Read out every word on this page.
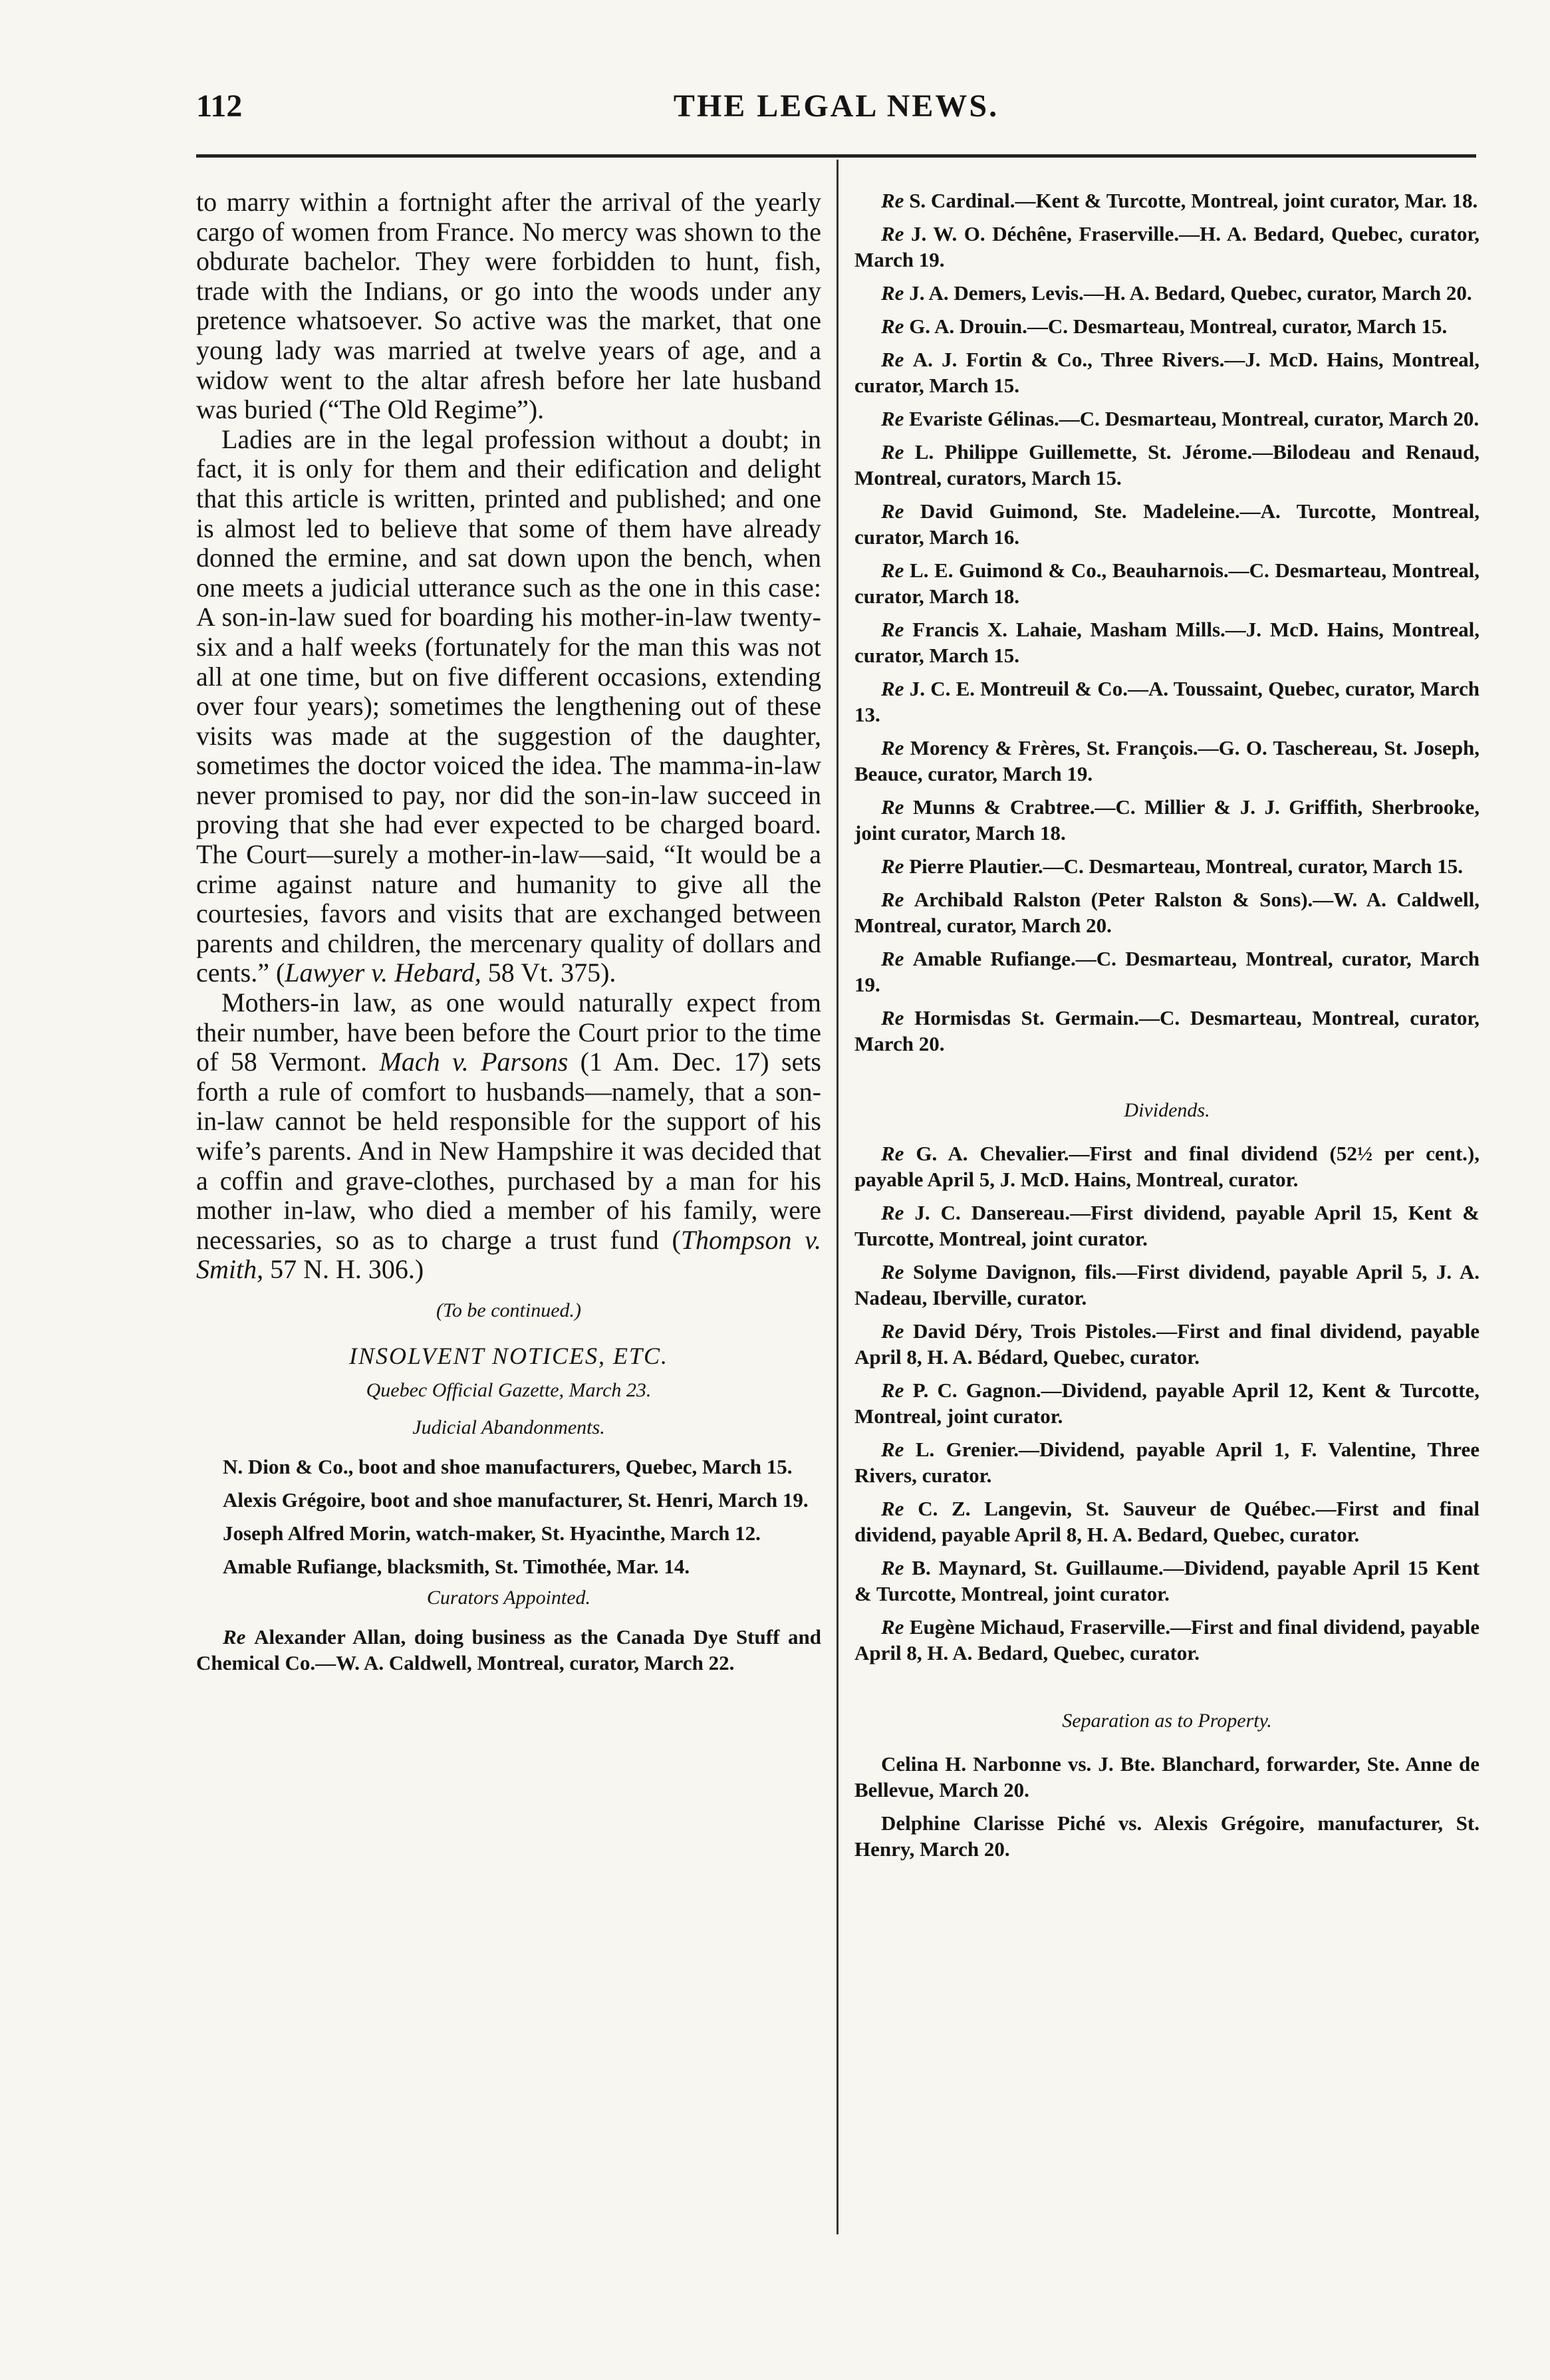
112	THE LEGAL NEWS.

to marry within a fortnight after the arrival of the yearly cargo of women from France. No mercy was shown to the obdurate bachelor. They were forbidden to hunt, fish, trade with the Indians, or go into the woods under any pretence whatsoever. So active was the market, that one young lady was married at twelve years of age, and a widow went to the altar afresh before her late husband was buried (“The Old Regime”).

Ladies are in the legal profession without a doubt; in fact, it is only for them and their edification and delight that this article is written, printed and published; and one is almost led to believe that some of them have already donned the ermine, and sat down upon the bench, when one meets a judicial utterance such as the one in this case: A son-in-law sued for boarding his mother-in-law twenty-six and a half weeks (fortunately for the man this was not all at one time, but on five different occasions, extending over four years); sometimes the lengthening out of these visits was made at the suggestion of the daughter, sometimes the doctor voiced the idea. The mamma-in-law never promised to pay, nor did the son-in-law succeed in proving that she had ever expected to be charged board. The Court—surely a mother-in-law—said, “It would be a crime against nature and humanity to give all the courtesies, favors and visits that are exchanged between parents and children, the mercenary quality of dollars and cents.” (Lawyer v. Hebard, 58 Vt. 375).

Mothers-in law, as one would naturally expect from their number, have been before the Court prior to the time of 58 Vermont. Mach v. Parsons (1 Am. Dec. 17) sets forth a rule of comfort to husbands—namely, that a son-in-law cannot be held responsible for the support of his wife’s parents. And in New Hampshire it was decided that a coffin and grave-clothes, purchased by a man for his mother in-law, who died a member of his family, were necessaries, so as to charge a trust fund (Thompson v. Smith, 57 N. H. 306.)

(To be continued.)
INSOLVENT NOTICES, ETC.
Quebec Official Gazette, March 23.
Judicial Abandonments.

N. Dion & Co., boot and shoe manufacturers, Quebec, March 15.

Alexis Grégoire, boot and shoe manufacturer, St. Henri, March 19.

Joseph Alfred Morin, watch-maker, St. Hyacinthe, March 12.

Amable Rufiange, blacksmith, St. Timothée, Mar. 14.

Curators Appointed.

Re Alexander Allan, doing business as the Canada Dye Stuff and Chemical Co.—W. A. Caldwell, Montreal, curator, March 22.

Re S. Cardinal.—Kent & Turcotte, Montreal, joint curator, Mar. 18.

Re J. W. O. Déchêne, Fraserville.—H. A. Bedard, Quebec, curator, March 19.

Re J. A. Demers, Levis.—H. A. Bedard, Quebec, curator, March 20.

Re G. A. Drouin.—C. Desmarteau, Montreal, curator, March 15.

Re A. J. Fortin & Co., Three Rivers.—J. McD. Hains, Montreal, curator, March 15.

Re Evariste Gélinas.—C. Desmarteau, Montreal, curator, March 20.

Re L. Philippe Guillemette, St. Jérome.—Bilodeau and Renaud, Montreal, curators, March 15.

Re David Guimond, Ste. Madeleine.—A. Turcotte, Montreal, curator, March 16.

Re L. E. Guimond & Co., Beauharnois.—C. Desmarteau, Montreal, curator, March 18.

Re Francis X. Lahaie, Masham Mills.—J. McD. Hains, Montreal, curator, March 15.

Re J. C. E. Montreuil & Co.—A. Toussaint, Quebec, curator, March 13.

Re Morency & Frères, St. François.—G. O. Taschereau, St. Joseph, Beauce, curator, March 19.

Re Munns & Crabtree.—C. Millier & J. J. Griffith, Sherbrooke, joint curator, March 18.

Re Pierre Plautier.—C. Desmarteau, Montreal, curator, March 15.

Re Archibald Ralston (Peter Ralston & Sons).—W. A. Caldwell, Montreal, curator, March 20.

Re Amable Rufiange.—C. Desmarteau, Montreal, curator, March 19.

Re Hormisdas St. Germain.—C. Desmarteau, Montreal, curator, March 20.

Dividends.

Re G. A. Chevalier.—First and final dividend (52½ per cent.), payable April 5, J. McD. Hains, Montreal, curator.

Re J. C. Dansereau.—First dividend, payable April 15, Kent & Turcotte, Montreal, joint curator.

Re Solyme Davignon, fils.—First dividend, payable April 5, J. A. Nadeau, Iberville, curator.

Re David Déry, Trois Pistoles.—First and final dividend, payable April 8, H. A. Bédard, Quebec, curator.

Re P. C. Gagnon.—Dividend, payable April 12, Kent & Turcotte, Montreal, joint curator.

Re L. Grenier.—Dividend, payable April 1, F. Valentine, Three Rivers, curator.

Re C. Z. Langevin, St. Sauveur de Québec.—First and final dividend, payable April 8, H. A. Bedard, Quebec, curator.

Re B. Maynard, St. Guillaume.—Dividend, payable April 15 Kent & Turcotte, Montreal, joint curator.

Re Eugène Michaud, Fraserville.—First and final dividend, payable April 8, H. A. Bedard, Quebec, curator.

Separation as to Property.

Celina H. Narbonne vs. J. Bte. Blanchard, forwarder, Ste. Anne de Bellevue, March 20.

Delphine Clarisse Piché vs. Alexis Grégoire, manufacturer, St. Henry, March 20.
